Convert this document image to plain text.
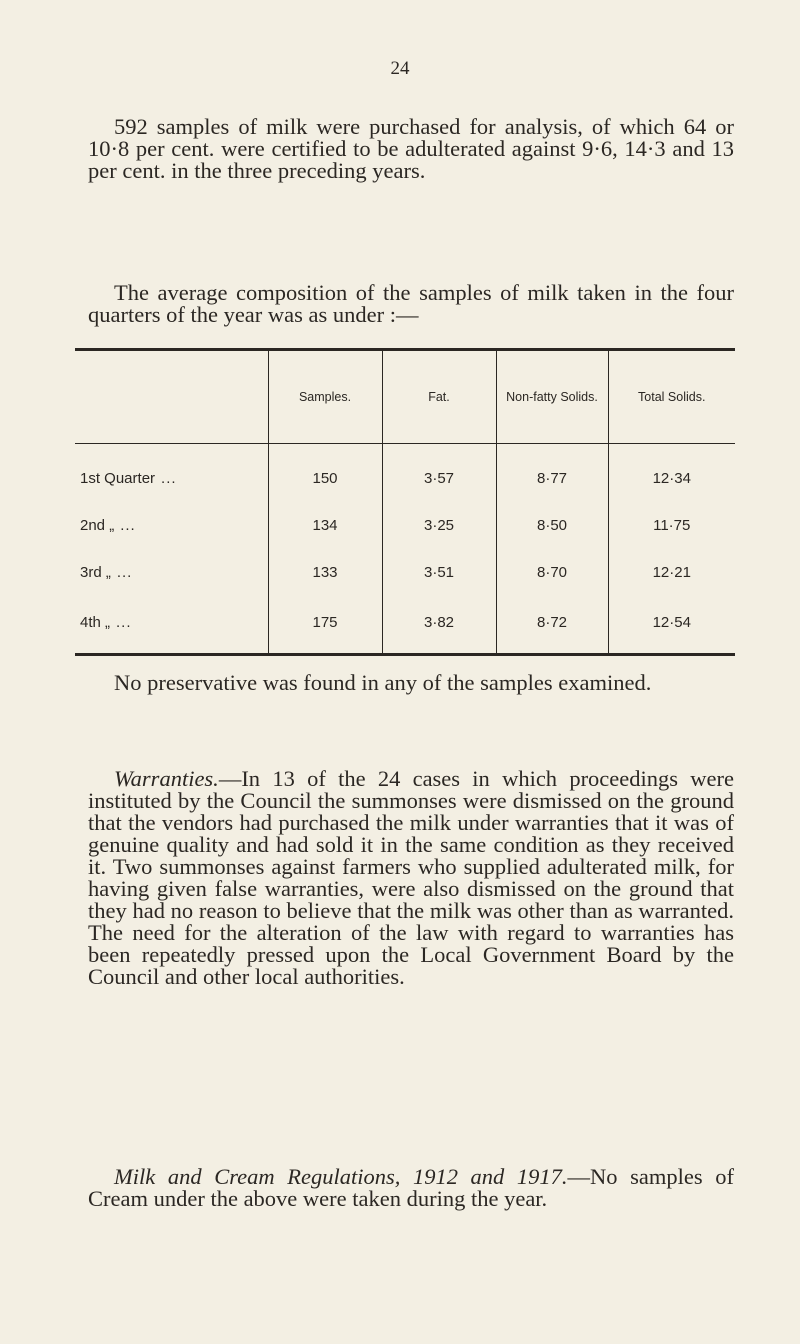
24
592 samples of milk were purchased for analysis, of which 64 or 10·8 per cent. were certified to be adulterated against 9·6, 14·3 and 13 per cent. in the three preceding years.
The average composition of the samples of milk taken in the four quarters of the year was as under :—
	Samples.	Fat.	Non-fatty Solids.	Total Solids.
1st Quarter ...	150	3·57	8·77	12·34
2nd „ ...	134	3·25	8·50	11·75
3rd „ ...	133	3·51	8·70	12·21
4th „ ...	175	3·82	8·72	12·54
No preservative was found in any of the samples examined.
Warranties.—In 13 of the 24 cases in which proceedings were instituted by the Council the summonses were dismissed on the ground that the vendors had purchased the milk under warranties that it was of genuine quality and had sold it in the same condition as they received it. Two summonses against farmers who supplied adulterated milk, for having given false warranties, were also dismissed on the ground that they had no reason to believe that the milk was other than as warranted. The need for the alteration of the law with regard to warranties has been repeatedly pressed upon the Local Government Board by the Council and other local authorities.
Milk and Cream Regulations, 1912 and 1917.—No samples of Cream under the above were taken during the year.
